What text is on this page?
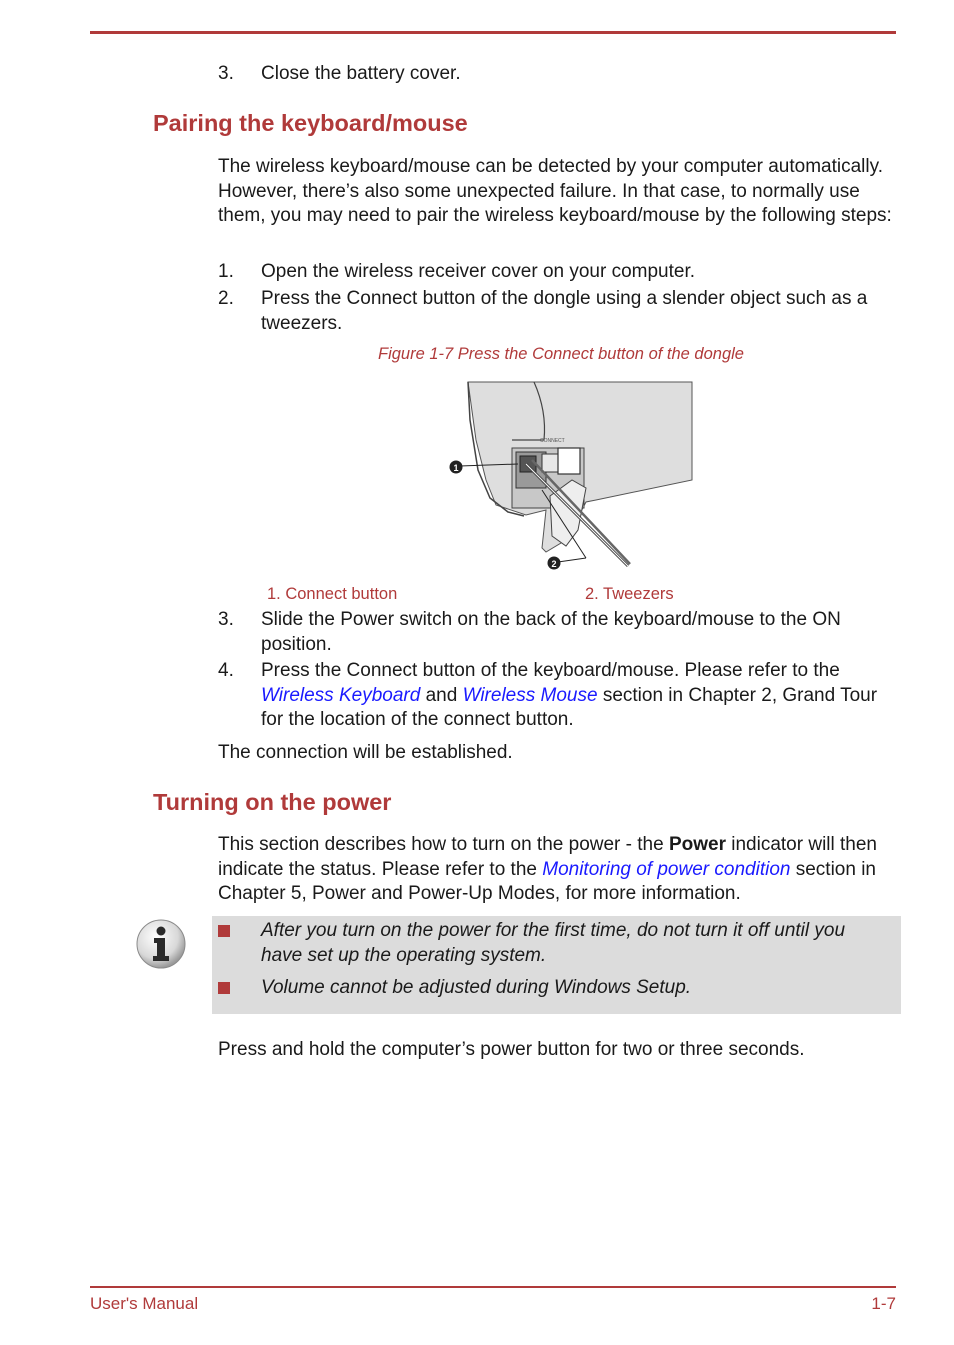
3. Close the battery cover.
Pairing the keyboard/mouse
The wireless keyboard/mouse can be detected by your computer automatically. However, there’s also some unexpected failure. In that case, to normally use them, you may need to pair the wireless keyboard/mouse by the following steps:
1. Open the wireless receiver cover on your computer.
2. Press the Connect button of the dongle using a slender object such as a tweezers.
Figure 1-7 Press the Connect button of the dongle
CONNECT
1
2
1. Connect button	2. Tweezers
3. Slide the Power switch on the back of the keyboard/mouse to the ON position.
4. Press the Connect button of the keyboard/mouse. Please refer to the Wireless Keyboard and Wireless Mouse section in Chapter 2, Grand Tour for the location of the connect button.
The connection will be established.
Turning on the power
This section describes how to turn on the power - the Power indicator will then indicate the status. Please refer to the Monitoring of power condition section in Chapter 5, Power and Power-Up Modes, for more information.
After you turn on the power for the first time, do not turn it off until you have set up the operating system.
Volume cannot be adjusted during Windows Setup.
Press and hold the computer’s power button for two or three seconds.
User's Manual	1-7
